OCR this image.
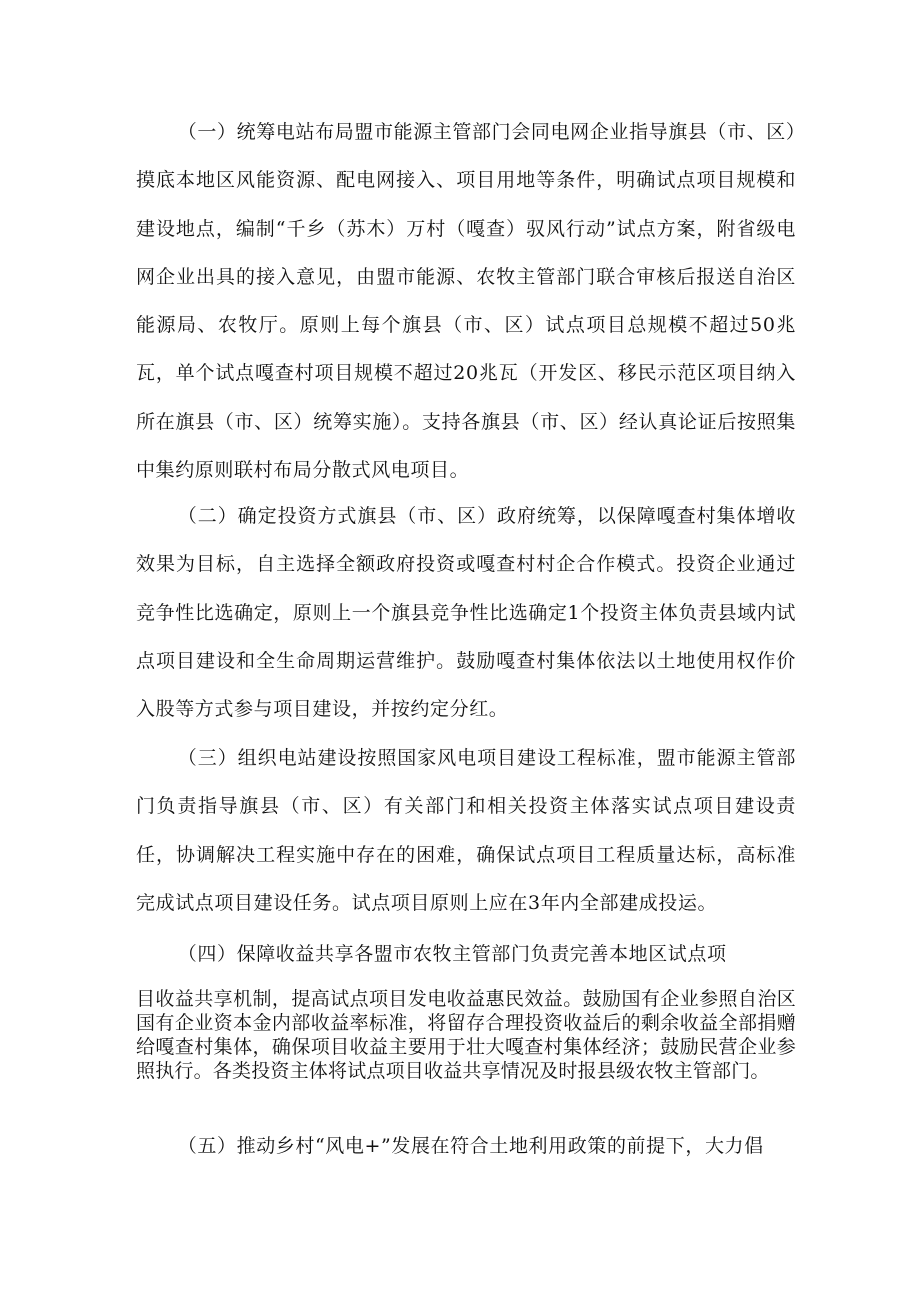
（一）统筹电站布局盟市能源主管部门会同电网企业指导旗县（市、区）摸底本地区风能资源、配电网接入、项目用地等条件，明确试点项目规模和建设地点，编制“千乡（苏木）万村（嘎查）驭风行动”试点方案，附省级电网企业出具的接入意见，由盟市能源、农牧主管部门联合审核后报送自治区能源局、农牧厅。原则上每个旗县（市、区）试点项目总规模不超过50兆瓦，单个试点嘎查村项目规模不超过20兆瓦（开发区、移民示范区项目纳入所在旗县（市、区）统筹实施）。支持各旗县（市、区）经认真论证后按照集中集约原则联村布局分散式风电项目。

（二）确定投资方式旗县（市、区）政府统筹，以保障嘎查村集体增收效果为目标，自主选择全额政府投资或嘎查村村企合作模式。投资企业通过竞争性比选确定，原则上一个旗县竞争性比选确定1个投资主体负责县域内试点项目建设和全生命周期运营维护。鼓励嘎查村集体依法以土地使用权作价入股等方式参与项目建设，并按约定分红。

（三）组织电站建设按照国家风电项目建设工程标准，盟市能源主管部门负责指导旗县（市、区）有关部门和相关投资主体落实试点项目建设责任，协调解决工程实施中存在的困难，确保试点项目工程质量达标，高标准完成试点项目建设任务。试点项目原则上应在3年内全部建成投运。

（四）保障收益共享各盟市农牧主管部门负责完善本地区试点项

目收益共享机制，提高试点项目发电收益惠民效益。鼓励国有企业参照自治区国有企业资本金内部收益率标准，将留存合理投资收益后的剩余收益全部捐赠给嘎查村集体，确保项目收益主要用于壮大嘎查村集体经济；鼓励民营企业参照执行。各类投资主体将试点项目收益共享情况及时报县级农牧主管部门。

（五）推动乡村“风电+”发展在符合土地利用政策的前提下，大力倡
